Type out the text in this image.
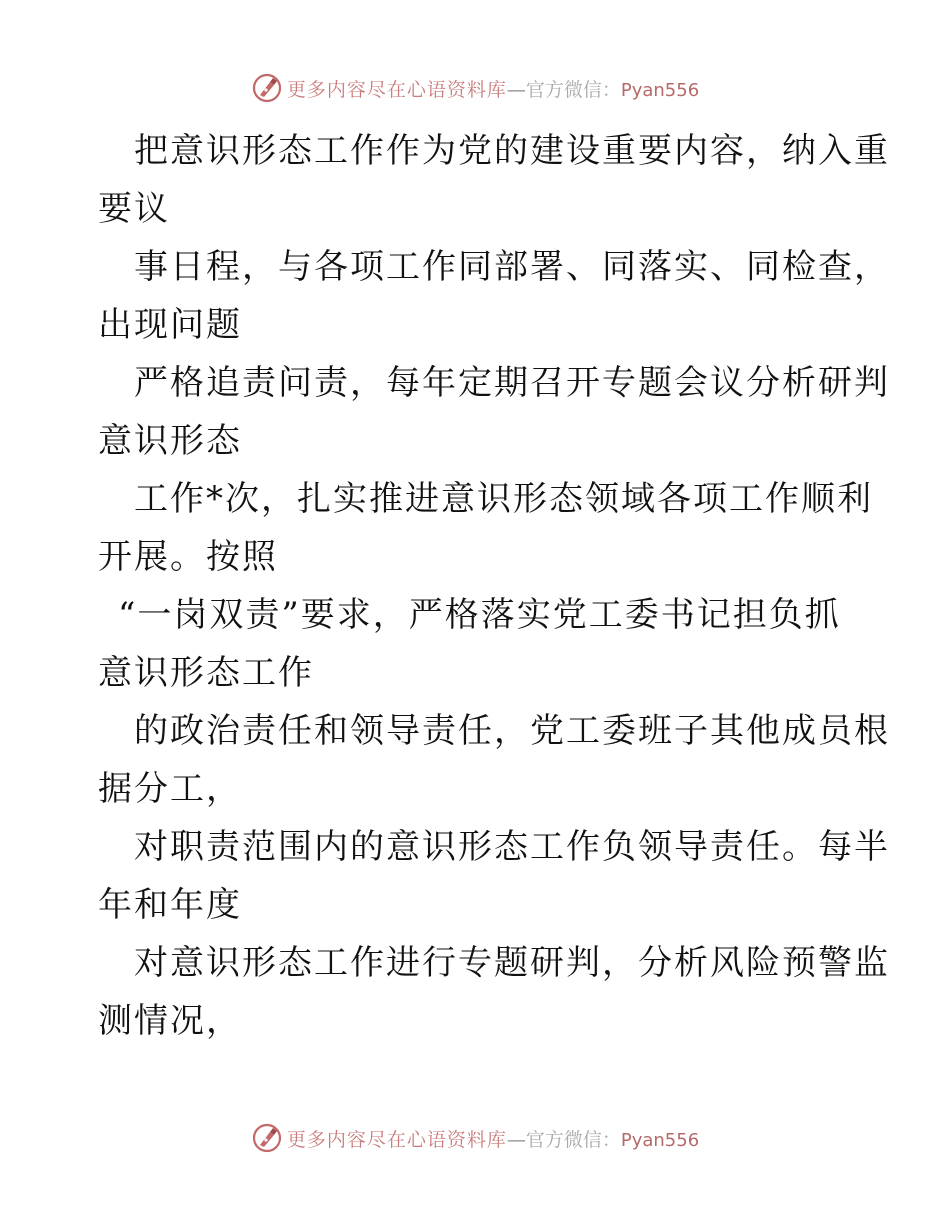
更多内容尽在心语资料库—官方微信：Pyan556

把意识形态工作作为党的建设重要内容，纳入重
要议

事日程，与各项工作同部署、同落实、同检查，
出现问题

严格追责问责，每年定期召开专题会议分析研判
意识形态

工作*次，扎实推进意识形态领域各项工作顺利
开展。按照

“一岗双责”要求，严格落实党工委书记担负抓
意识形态工作

的政治责任和领导责任，党工委班子其他成员根
据分工，

对职责范围内的意识形态工作负领导责任。每半
年和年度

对意识形态工作进行专题研判，分析风险预警监
测情况，

更多内容尽在心语资料库—官方微信：Pyan556
